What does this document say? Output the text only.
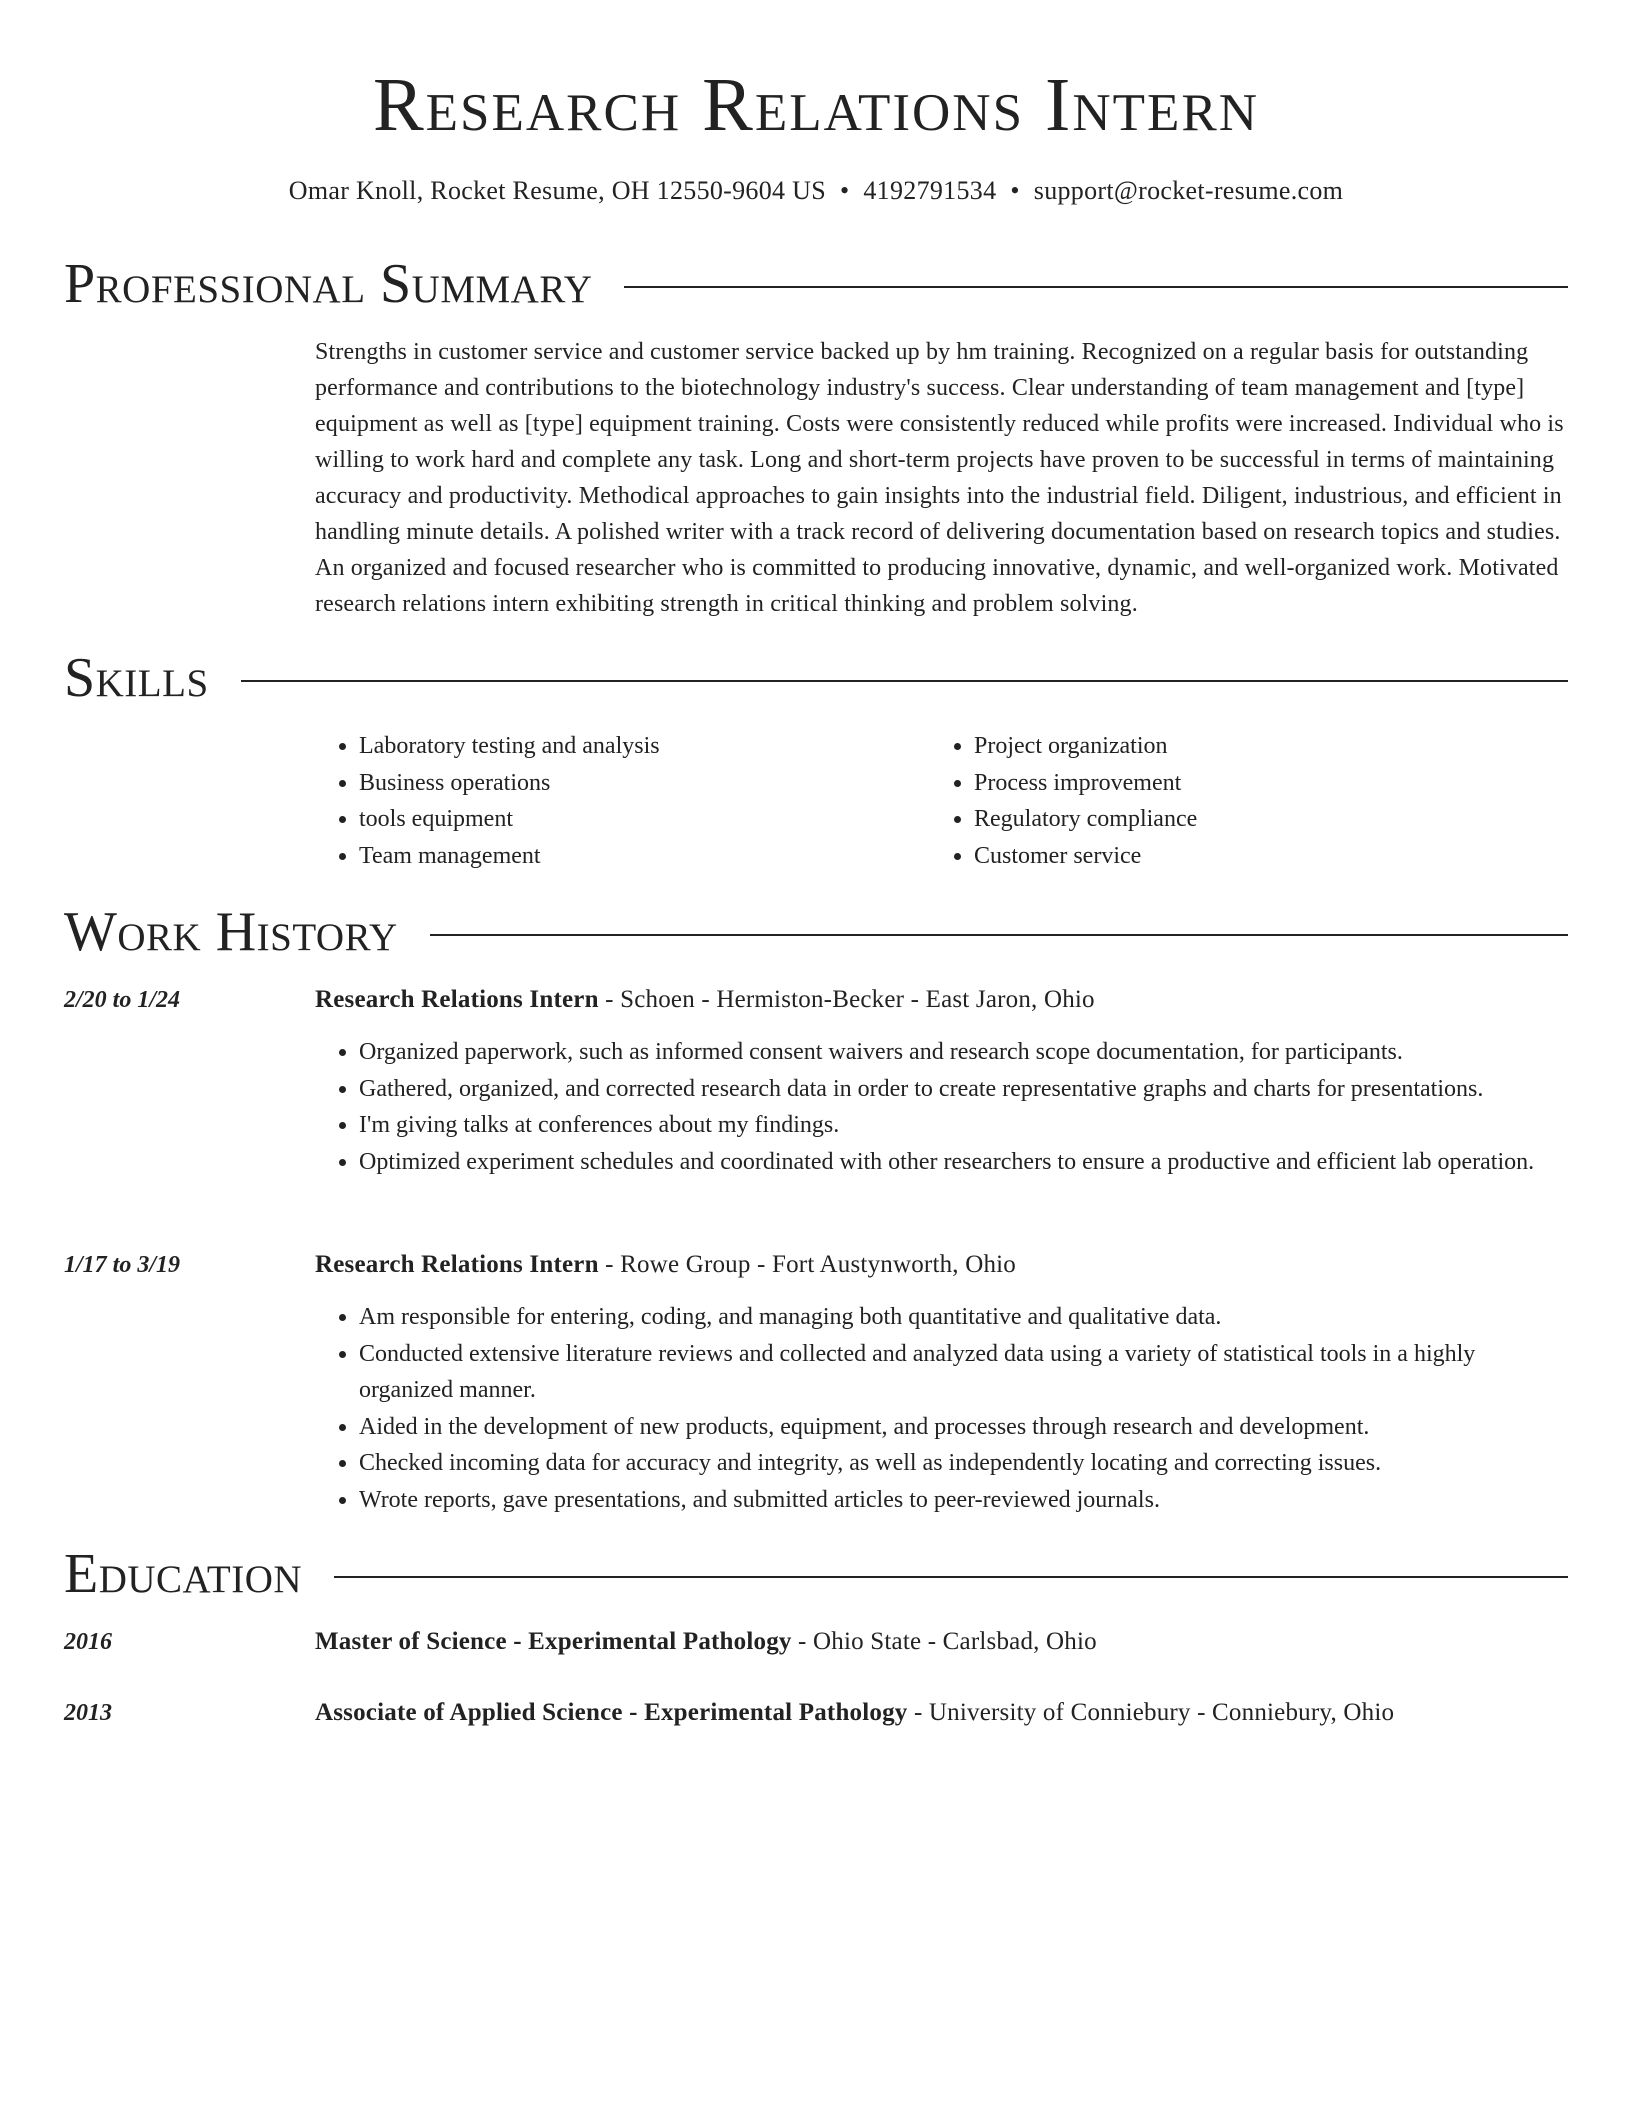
Research Relations Intern
Omar Knoll, Rocket Resume, OH 12550-9604 US • 4192791534 • support@rocket-resume.com
Professional Summary
Strengths in customer service and customer service backed up by hm training. Recognized on a regular basis for outstanding performance and contributions to the biotechnology industry's success. Clear understanding of team management and [type] equipment as well as [type] equipment training. Costs were consistently reduced while profits were increased. Individual who is willing to work hard and complete any task. Long and short-term projects have proven to be successful in terms of maintaining accuracy and productivity. Methodical approaches to gain insights into the industrial field. Diligent, industrious, and efficient in handling minute details. A polished writer with a track record of delivering documentation based on research topics and studies. An organized and focused researcher who is committed to producing innovative, dynamic, and well-organized work. Motivated research relations intern exhibiting strength in critical thinking and problem solving.
Skills
• Laboratory testing and analysis
• Business operations
• tools equipment
• Team management
• Project organization
• Process improvement
• Regulatory compliance
• Customer service
Work History
2/20 to 1/24	Research Relations Intern - Schoen - Hermiston-Becker - East Jaron, Ohio
• Organized paperwork, such as informed consent waivers and research scope documentation, for participants.
• Gathered, organized, and corrected research data in order to create representative graphs and charts for presentations.
• I'm giving talks at conferences about my findings.
• Optimized experiment schedules and coordinated with other researchers to ensure a productive and efficient lab operation.
1/17 to 3/19	Research Relations Intern - Rowe Group - Fort Austynworth, Ohio
• Am responsible for entering, coding, and managing both quantitative and qualitative data.
• Conducted extensive literature reviews and collected and analyzed data using a variety of statistical tools in a highly organized manner.
• Aided in the development of new products, equipment, and processes through research and development.
• Checked incoming data for accuracy and integrity, as well as independently locating and correcting issues.
• Wrote reports, gave presentations, and submitted articles to peer-reviewed journals.
Education
2016	Master of Science - Experimental Pathology - Ohio State - Carlsbad, Ohio
2013	Associate of Applied Science - Experimental Pathology - University of Conniebury - Conniebury, Ohio
